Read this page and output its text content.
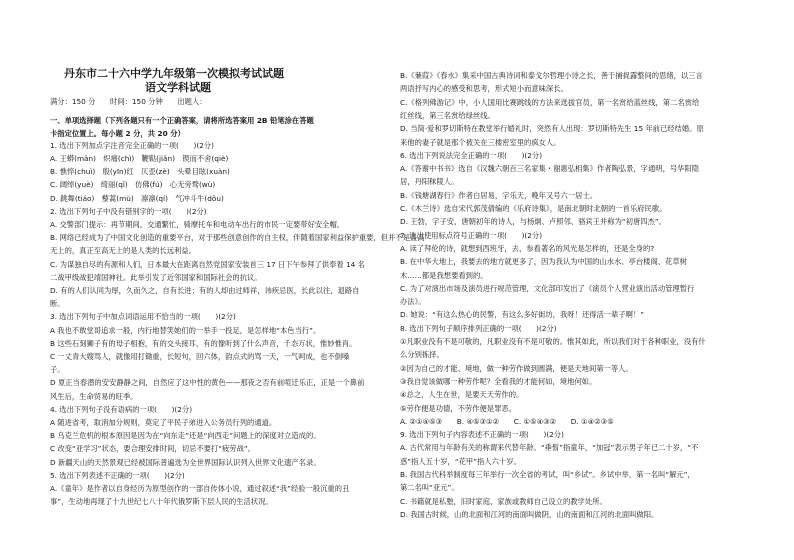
丹东市二十六中学九年级第一次模拟考试试题
语文学科试题
满分：150 分　　时间：150 分钟　　出题人：
一、单项选择题（下列各题只有一个正确答案，请将所选答案用 2B 铅笔涂在答题
卡指定位置上。每小题 2 分，共 20 分）
1. 选出下列加点字注音完全正确的一项(　　)(2分)
A. 王蟒(mǎn)　炽痛(chì)　鞭鞑(jiǎn)　锲而不舍(qiè)
B. 憔悴(chuì)　殷(yīn)红　仄歪(zè)　头晕目眩(xuàn)
C. 阔绰(yuè)　绮丽(qǐ)　仿佛(fú)　心无旁骛(wù)
D. 跳舞(tiáo)　藜蒿(mù)　凛凛(qí)　气冲斗牛(dǒu)
2. 选出下列句子中没有错别字的一项(　　)(2分)
A. 交警部门提示：再节期间，交通繁忙，骑摩托车和电动车出行的市民一定要带好安全帽。
B. 网络已经成为了中国文化创造的重要平台，对于那些创意创作的自主权，伴随着国家利益保护重要，但并不是盖高
无上的，真正至高无上的是人类的长远利益。
C. 为谋独自尽的有源和人们，日本最大在距离自然党国家安装首三 17 日下午参拜了供奉着 14 名
二战甲级战犯靖国神社。此举引发了近邻国家和国际社会的抗议。
D. 有的人们认同为厚，久而久之，自有长进；有的人却由过师祥，讳疾忌医，长此以往，退路自
断。
3. 选出下列句子中加点词语运用不恰当的一项(　　)(2分)
A 我也不敢堂哥追求一般，内行地替笑她们的一举手一投足，是怎样地“本色当行”。
B 这些石刻狮子有的母子相抱，有的交头接耳，有的像听到了什么声音，千态万状，惟妙惟肖。
C 一丈青大嫂骂人，就像用打锄重，长短句，回六体，韵点式的骂一天，一气呵成，也不倒嗓
子。
D 夏正当春潜的安安静静之间，自然应了这中性的黄色——那夜之否有前喧迁乐正，正是一个鼻前
风生后，生命贸易的旺季。
4. 选出下列句子没有语病的一项(　　)(2分)
A 随进省考，取消加分规则，莫定了平民子弟进入公务员行列的通道。
B 乌克兰危机的根本原因是因为在“向东走”还是“向西走”问题上的深度对立造成的。
C 改变“亚学习”状态，要合理安排时间，切忌不要打“疲劳战”。
D 新疆天山的天然景观已经被国际普遍选为全世界国际认识列入世界文化遗产名录。
5. 选出下列表述不正确的一项(　　)(2分)
A.《童年》是作者以自身经历为原型创作的一部自传体小说，通过叙述“我”经验一般沉重的丑
事”，生动地再现了十九世纪七八十年代俄罗斯下层人民的生活状况。
B.《蒹葭》《春水》集采中国古典诗词和泰戈尔哲理小诗之长，善于捕捉露整间的思绪，以三言
两语抒写内心的感受和思考，形式短小而意味深长。
C.《格列佛游记》中，小人国用比赛跳线的方法来选拔官员，第一名赏给蓝丝线，第二名赏给
红丝线，第三名赏给绿丝线。
D. 当简·爱和罗切斯特在教堂举行婚礼时，突然有人出现：罗切斯特先生 15 年前已经结婚。原
来他的妻子就是那个被关在三楼密室里的疯女人。
6. 选出下列说法完全正确的一项(　　)(2分)
A.《答谢中书书》选自《汉魏六朝百三名家集・谢惠弘相集》作者陶弘景，字通明，号华阳隐
居，丹阳秣陵人。
B.《钱塘湖春行》作者白居易，字乐天，晚年又号六一居士。
C.《木兰诗》选自宋代郭茂倩编的《乐府诗集》，是南北朝时北朝的一首乐府民歌。
D. 王勃，字子安，唐朝初年的诗人，与杨炯、卢照邻、骆宾王并称为“初唐四杰”。
7. 选出使用标点符号正确的一项(　　)(2分)
A. 读了拜伦的诗，就想到西班牙，去，参看著名的风光是怎样的，还是全身的?
B. 在中华大地上，我要去的地方就更多了，因为我认为中国的山水水、亭台楼阁、花草树
木……都是我想要看到的。
C. 为了对演出市场及演员进行规范管理，文化部印发出了《演员个人营业演出活动管理暂行
办法》。
D. 她说：“有这么热心的民警，有这么多好街坊，我呀！还得活一辈子啊！”
8. 选出下列句子顺序排列正确的一项(　　)(2分)
①凡职业没有不是可敬的，凡职业没有不是可敬的。惟其如此，所以我们对于各种职业，没有什
么分别拣择。
②因为自己的才能、境地，做一种劳作做到圆满，便是天地间第一等人。
③我自觉该做哪一种劳作呢？全看我的才能何如，境地何如。
④总之，人生在世，是要天天劳作的。
⑤劳作便是功德，不劳作便是罪恶。
A. ②①④⑤③　　B. ④⑤③①②　　C. ①⑤④③②　　D. ①④②③⑤
9. 选出下列句子内容表述不正确的一项(　　)(2分)
A. 古代常用与年龄有关的称谓来代替年龄。“垂髫”指童年，“加冠”表示男子年已二十岁，“不
惑”指人五十岁，“花甲”指人六十岁。
B. 我国古代科举制度每三年举行一次全省的考试，叫“乡试”。乡试中举，第一名叫“解元”，
第二名叫“亚元”。
C. 书籍就是私塾，旧时家庭、家族或教师自己设立的教学处所。
D. 我国古时候，山的北面和江河的南面叫做阴，山的南面和江河的北面叫做阳。
